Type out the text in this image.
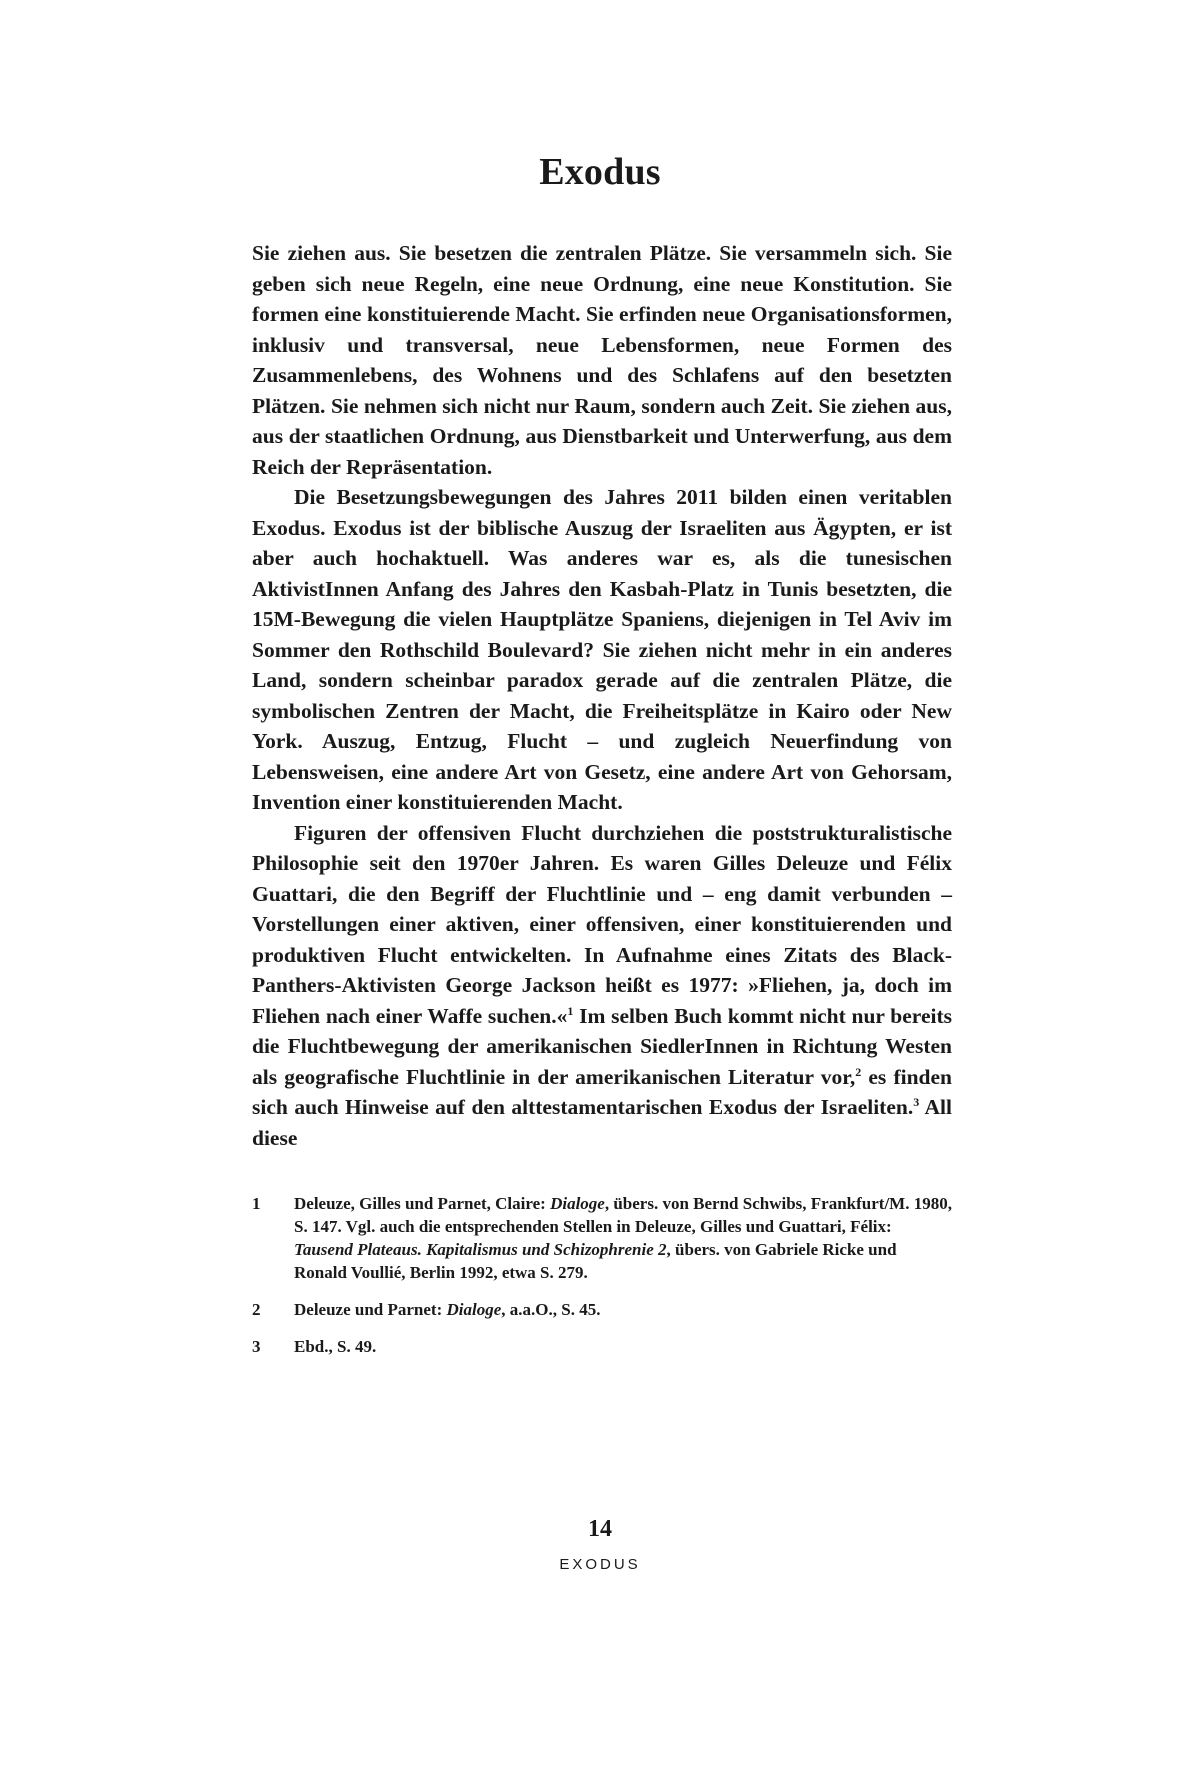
Exodus

Sie ziehen aus. Sie besetzen die zentralen Plätze. Sie versammeln sich. Sie geben sich neue Regeln, eine neue Ordnung, eine neue Konstitution. Sie formen eine konstituierende Macht. Sie erfinden neue Organisationsformen, inklusiv und transversal, neue Lebensformen, neue Formen des Zusammenlebens, des Wohnens und des Schlafens auf den besetzten Plätzen. Sie nehmen sich nicht nur Raum, sondern auch Zeit. Sie ziehen aus, aus der staatlichen Ordnung, aus Dienstbarkeit und Unterwerfung, aus dem Reich der Repräsentation.

Die Besetzungsbewegungen des Jahres 2011 bilden einen veritablen Exodus. Exodus ist der biblische Auszug der Israeliten aus Ägypten, er ist aber auch hochaktuell. Was anderes war es, als die tunesischen AktivistInnen Anfang des Jahres den Kasbah-Platz in Tunis besetzten, die 15M-Bewegung die vielen Hauptplätze Spaniens, diejenigen in Tel Aviv im Sommer den Rothschild Boulevard? Sie ziehen nicht mehr in ein anderes Land, sondern scheinbar paradox gerade auf die zentralen Plätze, die symbolischen Zentren der Macht, die Freiheitsplätze in Kairo oder New York. Auszug, Entzug, Flucht – und zugleich Neuerfindung von Lebensweisen, eine andere Art von Gesetz, eine andere Art von Gehorsam, Invention einer konstituierenden Macht.

Figuren der offensiven Flucht durchziehen die poststrukturalistische Philosophie seit den 1970er Jahren. Es waren Gilles Deleuze und Félix Guattari, die den Begriff der Fluchtlinie und – eng damit verbunden – Vorstellungen einer aktiven, einer offensiven, einer konstituierenden und produktiven Flucht entwickelten. In Aufnahme eines Zitats des Black-Panthers-Aktivisten George Jackson heißt es 1977: »Fliehen, ja, doch im Fliehen nach einer Waffe suchen.«$^1$ Im selben Buch kommt nicht nur bereits die Fluchtbewegung der amerikanischen SiedlerInnen in Richtung Westen als geografische Fluchtlinie in der amerikanischen Literatur vor,$^2$ es finden sich auch Hinweise auf den alttestamentarischen Exodus der Israeliten.$^3$ All diese

1	Deleuze, Gilles und Parnet, Claire: Dialoge, übers. von Bernd Schwibs, Frankfurt/M. 1980, S. 147. Vgl. auch die entsprechenden Stellen in Deleuze, Gilles und Guattari, Félix: Tausend Plateaus. Kapitalismus und Schizophrenie 2, übers. von Gabriele Ricke und Ronald Voullié, Berlin 1992, etwa S. 279.
2	Deleuze und Parnet: Dialoge, a.a.O., S. 45.
3	Ebd., S. 49.
14
EXODUS
